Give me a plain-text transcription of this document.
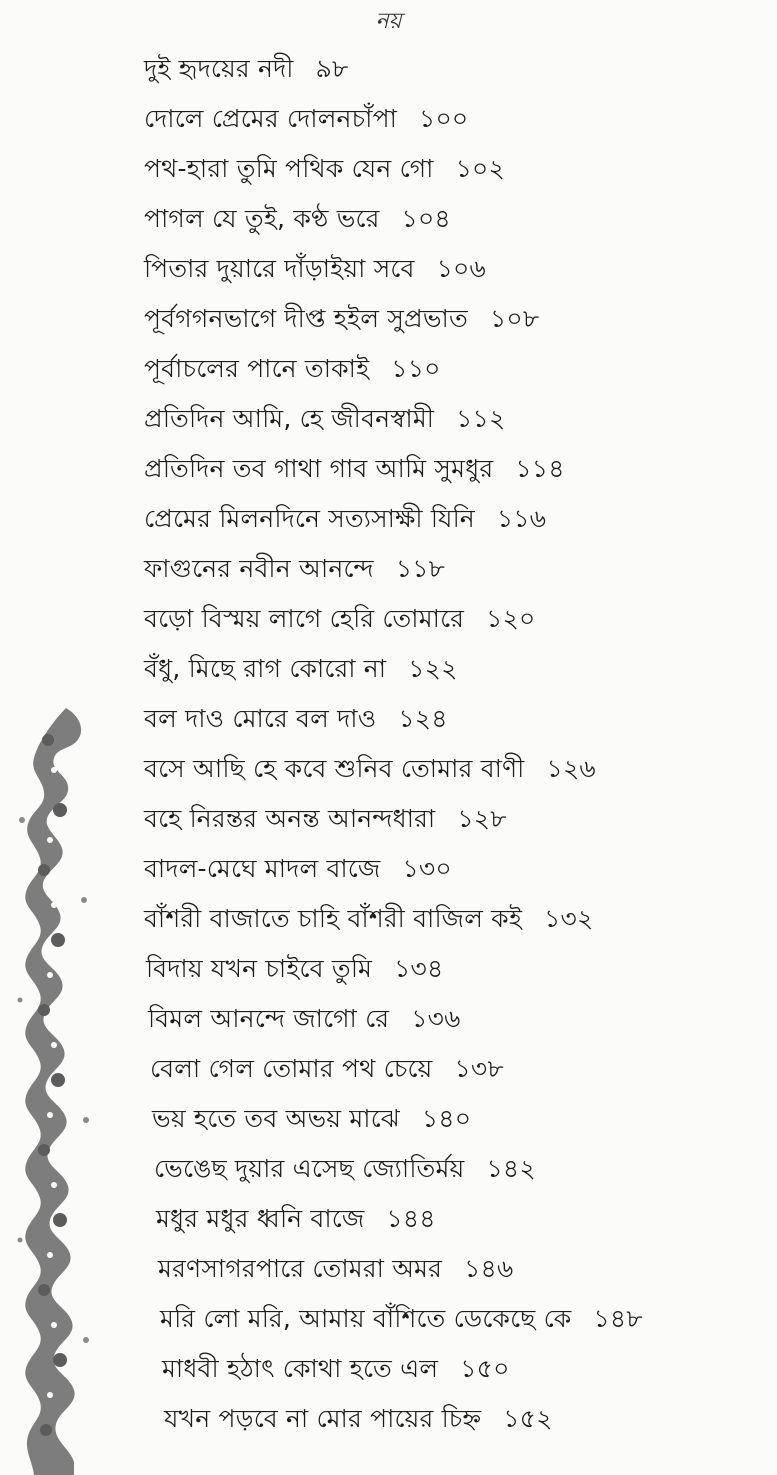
নয়
দুই হৃদয়ের নদী ৯৮
দোলে প্রেমের দোলনচাঁপা ১০০
পথ-হারা তুমি পথিক যেন গো ১০২
পাগল যে তুই, কণ্ঠ ভরে ১০৪
পিতার দুয়ারে দাঁড়াইয়া সবে ১০৬
পূর্বগগনভাগে দীপ্ত হইল সুপ্রভাত ১০৮
পূর্বাচলের পানে তাকাই ১১০
প্রতিদিন আমি, হে জীবনস্বামী ১১২
প্রতিদিন তব গাথা গাব আমি সুমধুর ১১৪
প্রেমের মিলনদিনে সত্যসাক্ষী যিনি ১১৬
ফাগুনের নবীন আনন্দে ১১৮
বড়ো বিস্ময় লাগে হেরি তোমারে ১২০
বঁধু, মিছে রাগ কোরো না ১২২
বল দাও মোরে বল দাও ১২৪
বসে আছি হে কবে শুনিব তোমার বাণী ১২৬
বহে নিরন্তর অনন্ত আনন্দধারা ১২৮
বাদল-মেঘে মাদল বাজে ১৩০
বাঁশরী বাজাতে চাহি বাঁশরী বাজিল কই ১৩২
বিদায় যখন চাইবে তুমি ১৩৪
বিমল আনন্দে জাগো রে ১৩৬
বেলা গেল তোমার পথ চেয়ে ১৩৮
ভয় হতে তব অভয় মাঝে ১৪০
ভেঙেছ দুয়ার এসেছ জ্যোতির্ময় ১৪২
মধুর মধুর ধ্বনি বাজে ১৪৪
মরণসাগরপারে তোমরা অমর ১৪৬
মরি লো মরি, আমায় বাঁশিতে ডেকেছে কে ১৪৮
মাধবী হঠাৎ কোথা হতে এল ১৫০
যখন পড়বে না মোর পায়ের চিহ্ন ১৫২
